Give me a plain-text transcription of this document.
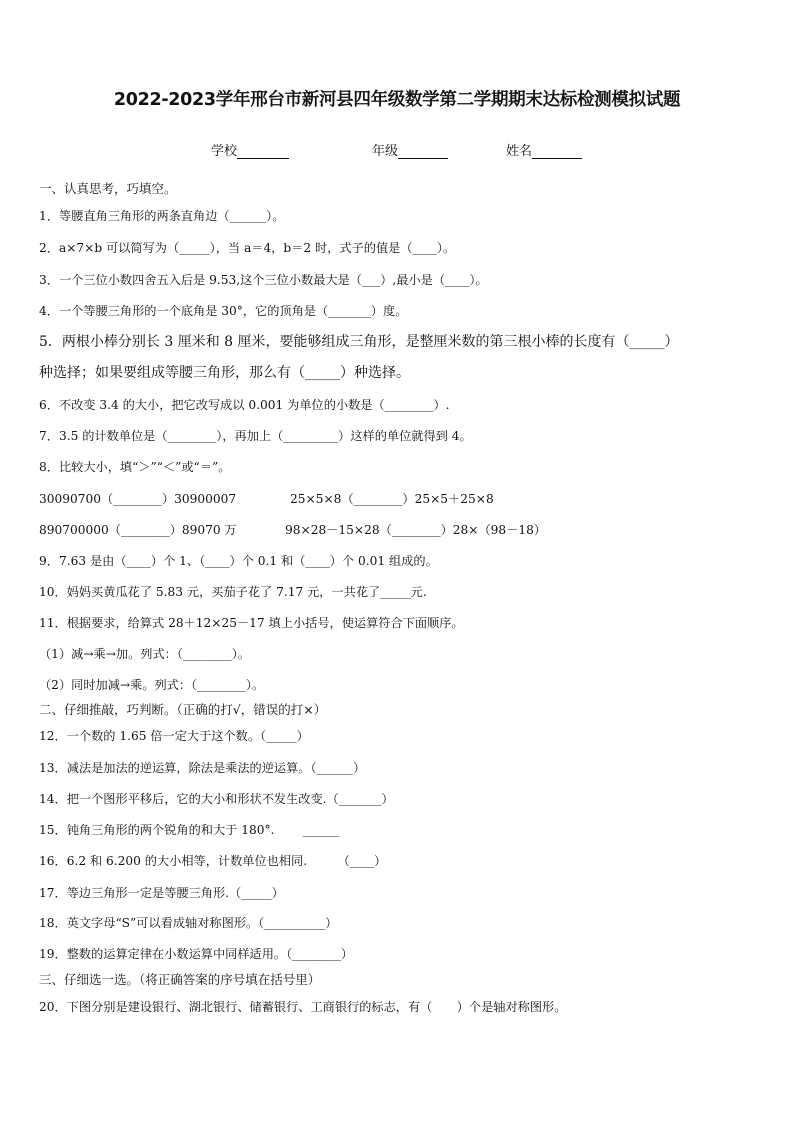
2022-2023学年邢台市新河县四年级数学第二学期期末达标检测模拟试题
学校	年级	姓名
一、认真思考，巧填空。
1．等腰直角三角形的两条直角边（______）。
2．a×7×b 可以简写为（_____），当 a＝4，b＝2 时，式子的值是（____）。
3．一个三位小数四舍五入后是 9.53,这个三位小数最大是（___）,最小是（____）。
4．一个等腰三角形的一个底角是 30°，它的顶角是（_______）度。
5．两根小棒分别长 3 厘米和 8 厘米，要能够组成三角形，是整厘米数的第三根小棒的长度有（_____）
种选择；如果要组成等腰三角形，那么有（_____）种选择。
6．不改变 3.4 的大小，把它改写成以 0.001 为单位的小数是（________）.
7．3.5 的计数单位是（________），再加上（_________）这样的单位就得到 4。
8．比较大小，填“＞”“＜”或“＝”。
30090700（________）30900007	25×5×8（________）25×5＋25×8
890700000（________）89070 万	98×28－15×28（________）28×（98－18）
9．7.63 是由（____）个 1、（____）个 0.1 和（____）个 0.01 组成的。
10．妈妈买黄瓜花了 5.83 元，买茄子花了 7.17 元，一共花了_____元.
11．根据要求，给算式 28＋12×25－17 填上小括号，使运算符合下面顺序。
（1）减→乘→加。列式：（________）。
（2）同时加减→乘。列式：（________）。
二、仔细推敲，巧判断。（正确的打√，错误的打×）
12．一个数的 1.65 倍一定大于这个数。（_____）
13．减法是加法的逆运算，除法是乘法的逆运算。（______）
14．把一个图形平移后，它的大小和形状不发生改变.（_______）
15．钝角三角形的两个锐角的和大于 180°.　　 ______
16．6.2 和 6.200 的大小相等，计数单位也相同.　　　（____）
17．等边三角形一定是等腰三角形.（_____）
18．英文字母“S”可以看成轴对称图形。（__________）
19．整数的运算定律在小数运算中同样适用。（________）
三、仔细选一选。（将正确答案的序号填在括号里）
20．下图分别是建设银行、湖北银行、储蓄银行、工商银行的标志，有（　　）个是轴对称图形。
